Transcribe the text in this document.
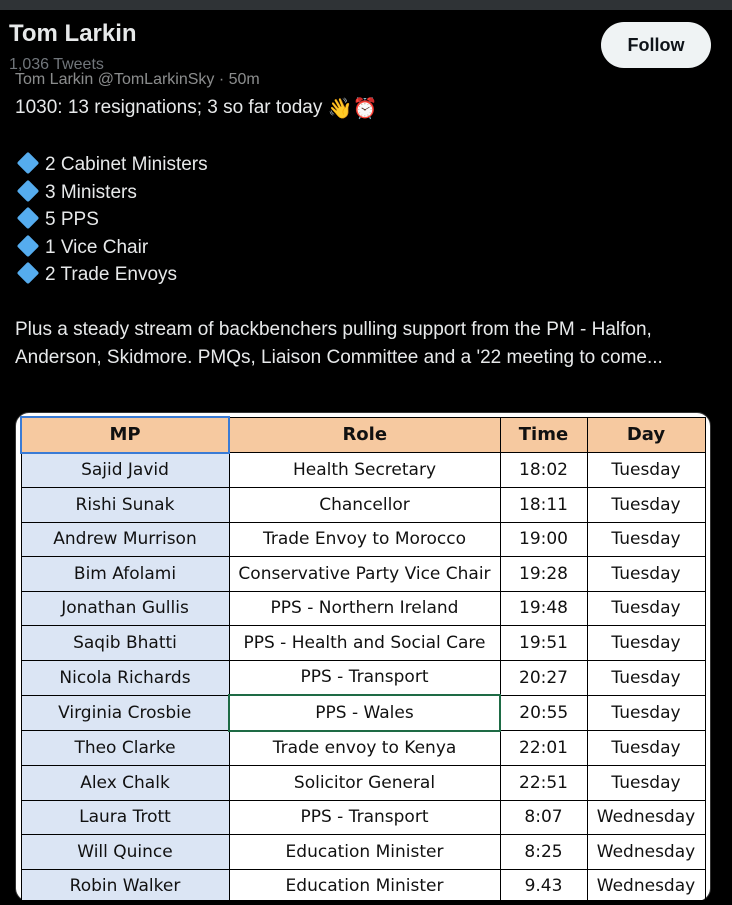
Tom Larkin
1,036 Tweets
Follow
Tom Larkin @TomLarkinSky · 50m
1030: 13 resignations; 3 so far today 👋⏰
2 Cabinet Ministers
3 Ministers
5 PPS
1 Vice Chair
2 Trade Envoys

Plus a steady stream of backbenchers pulling support from the PM - Halfon, Anderson, Skidmore. PMQs, Liaison Committee and a '22 meeting to come...

MP	Role	Time	Day
Sajid Javid	Health Secretary	18:02	Tuesday
Rishi Sunak	Chancellor	18:11	Tuesday
Andrew Murrison	Trade Envoy to Morocco	19:00	Tuesday
Bim Afolami	Conservative Party Vice Chair	19:28	Tuesday
Jonathan Gullis	PPS - Northern Ireland	19:48	Tuesday
Saqib Bhatti	PPS - Health and Social Care	19:51	Tuesday
Nicola Richards	PPS - Transport	20:27	Tuesday
Virginia Crosbie	PPS - Wales	20:55	Tuesday
Theo Clarke	Trade envoy to Kenya	22:01	Tuesday
Alex Chalk	Solicitor General	22:51	Tuesday
Laura Trott	PPS - Transport	8:07	Wednesday
Will Quince	Education Minister	8:25	Wednesday
Robin Walker	Education Minister	9.43	Wednesday
